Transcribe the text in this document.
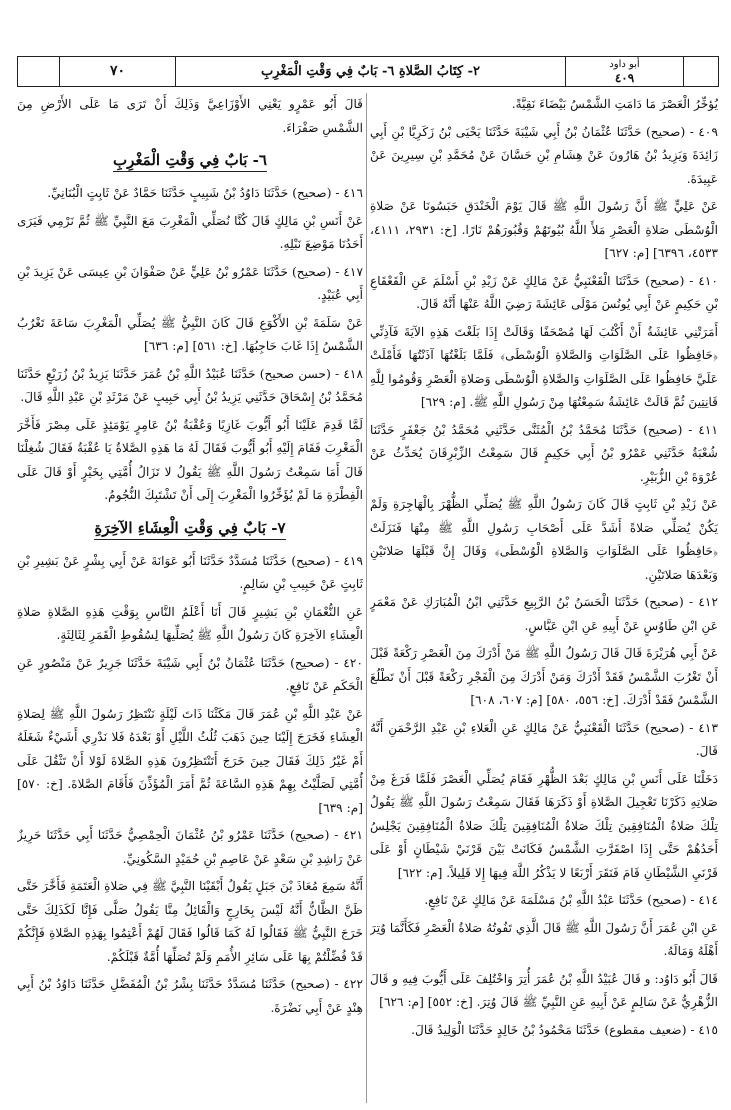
٧٠	٢- كِتَابُ الصَّلاةِ ٦- بَابٌ فِي وَقْتِ الْمَغْرِبِ	أبو داود
٤٠٩

يُؤخِّرُ الْعَصْرَ مَا دَامَتِ الشَّمْسُ بَيْضَاءَ نَقِيَّةً.

٤٠٩ - (صحيح) حَدَّثَنَا عُثْمَانُ بْنُ أَبِي شَيْبَةَ حَدَّثَنَا يَحْيَى بْنُ زَكَرِيَّا بْنِ أَبِي زَائِدَةَ وَيَزِيدُ بْنُ هَارُونَ عَنْ هِشَامِ بْنِ حَسَّانَ عَنْ مُحَمَّدِ بْنِ سِيرِينَ عَنْ عَبِيدَةَ.

عَنْ عَلِيٍّ ﷺ أَنَّ رَسُولَ اللَّهِ ﷺ قَالَ يَوْمَ الْخَنْدَقِ حَبَسُونَا عَنْ صَلاةِ الْوُسْطَى صَلاةِ الْعَصْرِ مَلأَ اللَّهُ بُيُوتَهُمْ وَقُبُورَهُمْ نَارًا. [خ: ٢٩٣١، ٤١١١، ٤٥٣٣، ٦٣٩٦] [م: ٦٢٧]

٤١٠ - (صحيح) حَدَّثَنَا الْقَعْنَبِيُّ عَنْ مَالِكٍ عَنْ زَيْدِ بْنِ أَسْلَمَ عَنِ الْقَعْقَاعِ بْنِ حَكِيمٍ عَنْ أَبِي يُونُسَ مَوْلَى عَائِشَةَ رَضِيَ اللَّهُ عَنْهَا أَنَّهُ قَالَ.

أَمَرَتْنِي عَائِشَةُ أَنْ أَكْتُبَ لَهَا مُصْحَفًا وَقَالَتْ إِذَا بَلَغْتَ هَذِهِ الآيَةَ فَآذِنِّي ﴿حَافِظُوا عَلَى الصَّلَوَاتِ وَالصَّلاةِ الْوُسْطَى﴾ فَلَمَّا بَلَغْتُهَا آذَنْتُهَا فَأَمْلَتْ عَلَيَّ حَافِظُوا عَلَى الصَّلَوَاتِ وَالصَّلاةِ الْوُسْطَى وَصَلاةِ الْعَصْرِ وَقُومُوا لِلَّهِ قَانِتِينَ ثُمَّ قَالَتْ عَائِشَةُ سَمِعْتُهَا مِنْ رَسُولِ اللَّهِ ﷺ. [م: ٦٢٩]

٤١١ - (صحيح) حَدَّثَنَا مُحَمَّدُ بْنُ الْمُثَنَّى حَدَّثَنِي مُحَمَّدُ بْنُ جَعْفَرٍ حَدَّثَنَا شُعْبَةُ حَدَّثَنِي عَمْرُو بْنُ أَبِي حَكِيمٍ قَالَ سَمِعْتُ الزِّبْرِقَانَ يُحَدِّثُ عَنْ عُرْوَةَ بْنِ الزُّبَيْرِ.

عَنْ زَيْدِ بْنِ ثَابِتٍ قَالَ كَانَ رَسُولُ اللَّهِ ﷺ يُصَلِّي الظُّهْرَ بِالْهَاجِرَةِ وَلَمْ يَكُنْ يُصَلِّي صَلاةً أَشَدَّ عَلَى أَصْحَابِ رَسُولِ اللَّهِ ﷺ مِنْهَا فَنَزَلَتْ ﴿حَافِظُوا عَلَى الصَّلَوَاتِ وَالصَّلاةِ الْوُسْطَى﴾ وَقَالَ إِنَّ قَبْلَهَا صَلاتَيْنِ وَبَعْدَهَا صَلاتَيْنِ.

٤١٢ - (صحيح) حَدَّثَنَا الْحَسَنُ بْنُ الرَّبِيعِ حَدَّثَنِي ابْنُ الْمُبَارَكِ عَنْ مَعْمَرٍ عَنِ ابْنِ طَاوُسٍ عَنْ أَبِيهِ عَنِ ابْنِ عَبَّاسٍ.

عَنْ أَبِي هُرَيْرَةَ قَالَ قَالَ رَسُولُ اللَّهِ ﷺ مَنْ أَدْرَكَ مِنَ الْعَصْرِ رَكْعَةً قَبْلَ أَنْ تَغْرُبَ الشَّمْسُ فَقَدْ أَدْرَكَ وَمَنْ أَدْرَكَ مِنَ الْفَجْرِ رَكْعَةً قَبْلَ أَنْ تَطْلُعَ الشَّمْسُ فَقَدْ أَدْرَكَ. [خ: ٥٥٦، ٥٨٠] [م: ٦٠٧، ٦٠٨]

٤١٣ - (صحيح) حَدَّثَنَا الْقَعْنَبِيُّ عَنْ مَالِكٍ عَنِ الْعَلاءِ بْنِ عَبْدِ الرَّحْمَنِ أَنَّهُ قَالَ.

دَخَلْنَا عَلَى أَنَسِ بْنِ مَالِكٍ بَعْدَ الظُّهْرِ فَقَامَ يُصَلِّي الْعَصْرَ فَلَمَّا فَرَغَ مِنْ صَلاتِهِ ذَكَرْنَا تَعْجِيلَ الصَّلاةِ أَوْ ذَكَرَهَا فَقَالَ سَمِعْتُ رَسُولَ اللَّهِ ﷺ يَقُولُ تِلْكَ صَلاةُ الْمُنَافِقِينَ تِلْكَ صَلاةُ الْمُنَافِقِينَ تِلْكَ صَلاةُ الْمُنَافِقِينَ يَجْلِسُ أَحَدُهُمْ حَتَّى إِذَا اصْفَرَّتِ الشَّمْسُ فَكَانَتْ بَيْنَ قَرْنَيْ شَيْطَانٍ أَوْ عَلَى قَرْنَيِ الشَّيْطَانِ قَامَ فَنَقَرَ أَرْبَعًا لا يَذْكُرُ اللَّهَ فِيهَا إِلا قَلِيلاً. [م: ٦٢٢]

٤١٤ - (صحيح) حَدَّثَنَا عَبْدُ اللَّهِ بْنُ مَسْلَمَةَ عَنْ مَالِكٍ عَنْ نَافِعٍ.

عَنِ ابْنِ عُمَرَ أَنَّ رَسُولَ اللَّهِ ﷺ قَالَ الَّذِي تَفُوتُهُ صَلاةُ الْعَصْرِ فَكَأَنَّمَا وُتِرَ أَهْلَهُ وَمَالَهُ.

قَالَ أَبُو دَاوُد: و قَالَ عُبَيْدُ اللَّهِ بْنُ عُمَرَ أُتِرَ وَاخْتُلِفَ عَلَى أَيُّوبَ فِيهِ و قَالَ الزُّهْرِيُّ عَنْ سَالِمٍ عَنْ أَبِيهِ عَنِ النَّبِيِّ ﷺ قَالَ وُتِرَ. [خ: ٥٥٢] [م: ٦٢٦]

٤١٥ - (ضعيف مقطوع) حَدَّثَنَا مَحْمُودُ بْنُ خَالِدٍ حَدَّثَنَا الْوَلِيدُ قَالَ.

قَالَ أَبُو عَمْرٍو يَعْنِي الأَوْزَاعِيَّ وَذَلِكَ أَنْ تَرَى مَا عَلَى الأَرْضِ مِنَ الشَّمْسِ صَفْرَاءَ.

٦- بَابٌ فِي وَقْتِ الْمَغْرِبِ

٤١٦ - (صحيح) حَدَّثَنَا دَاوُدُ بْنُ شَبِيبٍ حَدَّثَنَا حَمَّادٌ عَنْ ثَابِتٍ الْبُنَانِيِّ.

عَنْ أَنَسِ بْنِ مَالِكٍ قَالَ كُنَّا نُصَلِّي الْمَغْرِبَ مَعَ النَّبِيِّ ﷺ ثُمَّ نَرْمِي فَيَرَى أَحَدُنَا مَوْضِعَ نَبْلِهِ.

٤١٧ - (صحيح) حَدَّثَنَا عَمْرُو بْنُ عَلِيٍّ عَنْ صَفْوَانَ بْنِ عِيسَى عَنْ يَزِيدَ بْنِ أَبِي عُبَيْدٍ.

عَنْ سَلَمَةَ بْنِ الأَكْوَعِ قَالَ كَانَ النَّبِيُّ ﷺ يُصَلِّي الْمَغْرِبَ سَاعَةَ تَغْرُبُ الشَّمْسُ إِذَا غَابَ حَاجِبُهَا. [خ: ٥٦١] [م: ٦٣٦]

٤١٨ - (حسن صحيح) حَدَّثَنَا عُبَيْدُ اللَّهِ بْنُ عُمَرَ حَدَّثَنَا يَزِيدُ بْنُ زُرَيْعٍ حَدَّثَنَا مُحَمَّدُ بْنُ إِسْحَاقَ حَدَّثَنِي يَزِيدُ بْنُ أَبِي حَبِيبٍ عَنْ مَرْثَدِ بْنِ عَبْدِ اللَّهِ قَالَ.

لَمَّا قَدِمَ عَلَيْنَا أَبُو أَيُّوبَ غَازِيًا وَعُقْبَةُ بْنُ عَامِرٍ يَوْمَئِذٍ عَلَى مِصْرَ فَأَخَّرَ الْمَغْرِبَ فَقَامَ إِلَيْهِ أَبُو أَيُّوبَ فَقَالَ لَهُ مَا هَذِهِ الصَّلاةُ يَا عُقْبَةُ فَقَالَ شُغِلْنَا قَالَ أَمَا سَمِعْتُ رَسُولَ اللَّهِ ﷺ يَقُولُ لا تَزَالُ أُمَّتِي بِخَيْرٍ أَوْ قَالَ عَلَى الْفِطْرَةِ مَا لَمْ يُؤَخِّرُوا الْمَغْرِبَ إِلَى أَنْ تَشْتَبِكَ النُّجُومُ.

٧- بَابٌ فِي وَقْتِ الْعِشَاءِ الآخِرَةِ

٤١٩ - (صحيح) حَدَّثَنَا مُسَدَّدٌ حَدَّثَنَا أَبُو عَوَانَةَ عَنْ أَبِي بِشْرٍ عَنْ بَشِيرِ بْنِ ثَابِتٍ عَنْ حَبِيبِ بْنِ سَالِمٍ.

عَنِ النُّعْمَانِ بْنِ بَشِيرٍ قَالَ أَنَا أَعْلَمُ النَّاسِ بِوَقْتِ هَذِهِ الصَّلاةِ صَلاةِ الْعِشَاءِ الآخِرَةِ كَانَ رَسُولُ اللَّهِ ﷺ يُصَلِّيهَا لِسُقُوطِ الْقَمَرِ لِثَالِثَةٍ.

٤٢٠ - (صحيح) حَدَّثَنَا عُثْمَانُ بْنُ أَبِي شَيْبَةَ حَدَّثَنَا جَرِيرٌ عَنْ مَنْصُورٍ عَنِ الْحَكَمِ عَنْ نَافِعٍ.

عَنْ عَبْدِ اللَّهِ بْنِ عُمَرَ قَالَ مَكَثْنَا ذَاتَ لَيْلَةٍ نَنْتَظِرُ رَسُولَ اللَّهِ ﷺ لِصَلاةِ الْعِشَاءِ فَخَرَجَ إِلَيْنَا حِينَ ذَهَبَ ثُلُثُ اللَّيْلِ أَوْ بَعْدَهُ فَلا نَدْرِي أَشَيْءٌ شَغَلَهُ أَمْ غَيْرُ ذَلِكَ فَقَالَ حِينَ خَرَجَ أَتَنْتَظِرُونَ هَذِهِ الصَّلاةَ لَوْلا أَنْ تَثْقُلَ عَلَى أُمَّتِي لَصَلَّيْتُ بِهِمْ هَذِهِ السَّاعَةَ ثُمَّ أَمَرَ الْمُؤَذِّنَ فَأَقَامَ الصَّلاةَ. [خ: ٥٧٠] [م: ٦٣٩]

٤٢١ - (صحيح) حَدَّثَنَا عَمْرُو بْنُ عُثْمَانَ الْحِمْصِيُّ حَدَّثَنَا أَبِي حَدَّثَنَا حَرِيزٌ عَنْ رَاشِدِ بْنِ سَعْدٍ عَنْ عَاصِمِ بْنِ حُمَيْدٍ السَّكُونِيِّ.

أَنَّهُ سَمِعَ مُعَاذَ بْنَ جَبَلٍ يَقُولُ أَبْقَيْنَا النَّبِيَّ ﷺ فِي صَلاةِ الْعَتَمَةِ فَأَخَّرَ حَتَّى ظَنَّ الظَّانُّ أَنَّهُ لَيْسَ بِخَارِجٍ وَالْقَائِلُ مِنَّا يَقُولُ صَلَّى فَإِنَّا لَكَذَلِكَ حَتَّى خَرَجَ النَّبِيُّ ﷺ فَقَالُوا لَهُ كَمَا قَالُوا فَقَالَ لَهُمْ أَعْتِمُوا بِهَذِهِ الصَّلاةِ فَإِنَّكُمْ قَدْ فُضِّلْتُمْ بِهَا عَلَى سَائِرِ الأُمَمِ وَلَمْ تُصَلِّهَا أُمَّةٌ قَبْلَكُمْ.

٤٢٢ - (صحيح) حَدَّثَنَا مُسَدَّدٌ حَدَّثَنَا بِشْرُ بْنُ الْمُفَضَّلِ حَدَّثَنَا دَاوُدُ بْنُ أَبِي هِنْدٍ عَنْ أَبِي نَضْرَةَ.
